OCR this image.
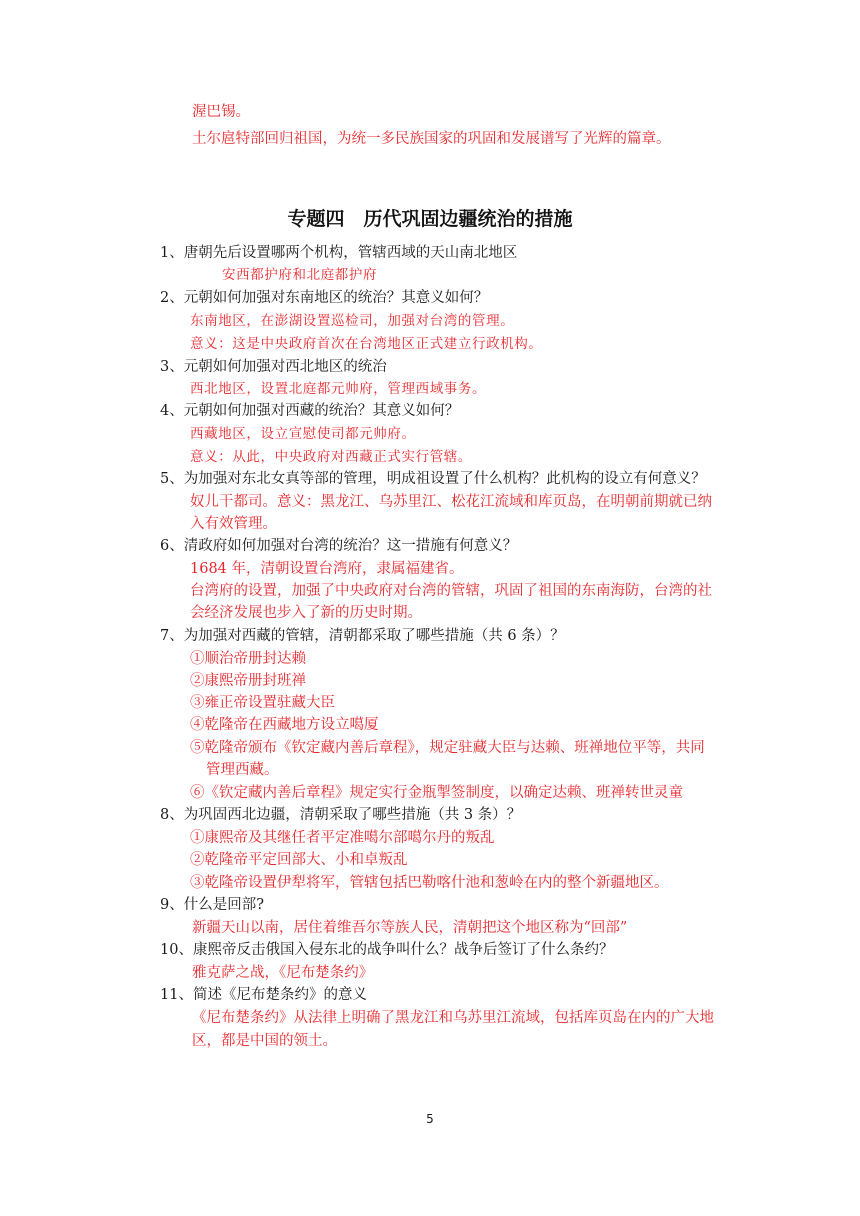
渥巴锡。
土尔扈特部回归祖国，为统一多民族国家的巩固和发展谱写了光辉的篇章。
专题四　历代巩固边疆统治的措施
1、唐朝先后设置哪两个机构，管辖西域的天山南北地区
安西都护府和北庭都护府
2、元朝如何加强对东南地区的统治？其意义如何？
东南地区，在澎湖设置巡检司，加强对台湾的管理。
意义：这是中央政府首次在台湾地区正式建立行政机构。
3、元朝如何加强对西北地区的统治
西北地区，设置北庭都元帅府，管理西域事务。
4、元朝如何加强对西藏的统治？其意义如何？
西藏地区，设立宣慰使司都元帅府。
意义：从此，中央政府对西藏正式实行管辖。
5、为加强对东北女真等部的管理，明成祖设置了什么机构？此机构的设立有何意义？
奴儿干都司。意义：黑龙江、乌苏里江、松花江流域和库页岛，在明朝前期就已纳
入有效管理。
6、清政府如何加强对台湾的统治？这一措施有何意义？
1684 年，清朝设置台湾府，隶属福建省。
台湾府的设置，加强了中央政府对台湾的管辖，巩固了祖国的东南海防，台湾的社
会经济发展也步入了新的历史时期。
7、为加强对西藏的管辖，清朝都采取了哪些措施（共 6 条）？
①顺治帝册封达赖
②康熙帝册封班禅
③雍正帝设置驻藏大臣
④乾隆帝在西藏地方设立噶厦
⑤乾隆帝颁布《钦定藏内善后章程》，规定驻藏大臣与达赖、班禅地位平等，共同
管理西藏。
⑥《钦定藏内善后章程》规定实行金瓶掣签制度，以确定达赖、班禅转世灵童
8、为巩固西北边疆，清朝采取了哪些措施（共 3 条）？
①康熙帝及其继任者平定准噶尔部噶尔丹的叛乱
②乾隆帝平定回部大、小和卓叛乱
③乾隆帝设置伊犁将军，管辖包括巴勒喀什池和葱岭在内的整个新疆地区。
9、什么是回部?
新疆天山以南，居住着维吾尔等族人民，清朝把这个地区称为“回部”
10、康熙帝反击俄国入侵东北的战争叫什么？战争后签订了什么条约？
雅克萨之战，《尼布楚条约》
11、简述《尼布楚条约》的意义
《尼布楚条约》从法律上明确了黑龙江和乌苏里江流域，包括库页岛在内的广大地
区，都是中国的领土。
5
